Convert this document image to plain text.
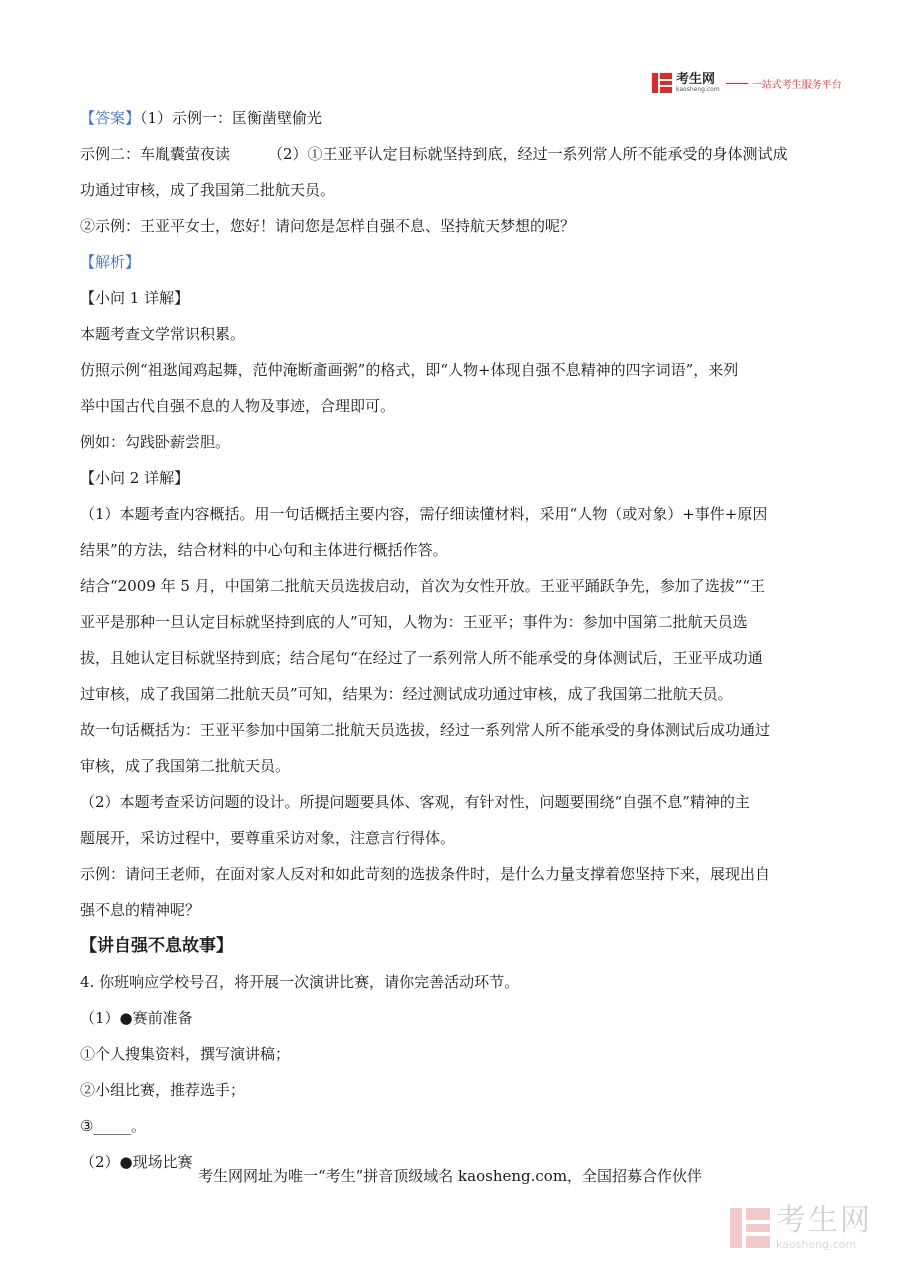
考生网
kaosheng.com	一站式考生服务平台
【答案】（1）示例一：匡衡凿壁偷光
示例二：车胤囊萤夜读	（2）①王亚平认定目标就坚持到底，经过一系列常人所不能承受的身体测试成
功通过审核，成了我国第二批航天员。
②示例：王亚平女士，您好！请问您是怎样自强不息、坚持航天梦想的呢？
【解析】
【小问 1 详解】
本题考查文学常识积累。
仿照示例“祖逖闻鸡起舞，范仲淹断齑画粥”的格式，即“人物+体现自强不息精神的四字词语”，来列
举中国古代自强不息的人物及事迹，合理即可。
例如：勾践卧薪尝胆。
【小问 2 详解】
（1）本题考查内容概括。用一句话概括主要内容，需仔细读懂材料，采用“人物（或对象）+事件+原因
结果”的方法，结合材料的中心句和主体进行概括作答。
结合“2009 年 5 月，中国第二批航天员选拔启动，首次为女性开放。王亚平踊跃争先，参加了选拔”“王
亚平是那种一旦认定目标就坚持到底的人”可知，人物为：王亚平；事件为：参加中国第二批航天员选
拔，且她认定目标就坚持到底；结合尾句“在经过了一系列常人所不能承受的身体测试后，王亚平成功通
过审核，成了我国第二批航天员”可知，结果为：经过测试成功通过审核，成了我国第二批航天员。
故一句话概括为：王亚平参加中国第二批航天员选拔，经过一系列常人所不能承受的身体测试后成功通过
审核，成了我国第二批航天员。
（2）本题考查采访问题的设计。所提问题要具体、客观，有针对性，问题要围绕“自强不息”精神的主
题展开，采访过程中，要尊重采访对象，注意言行得体。
示例：请问王老师，在面对家人反对和如此苛刻的选拔条件时，是什么力量支撑着您坚持下来，展现出自
强不息的精神呢？
【讲自强不息故事】
4. 你班响应学校号召，将开展一次演讲比赛，请你完善活动环节。
（1）●赛前准备
①个人搜集资料，撰写演讲稿；
②小组比赛，推荐选手；
③_____。
（2）●现场比赛
考生网网址为唯一“考生”拼音顶级域名 kaosheng.com，全国招募合作伙伴
考生网
kaosheng.com
